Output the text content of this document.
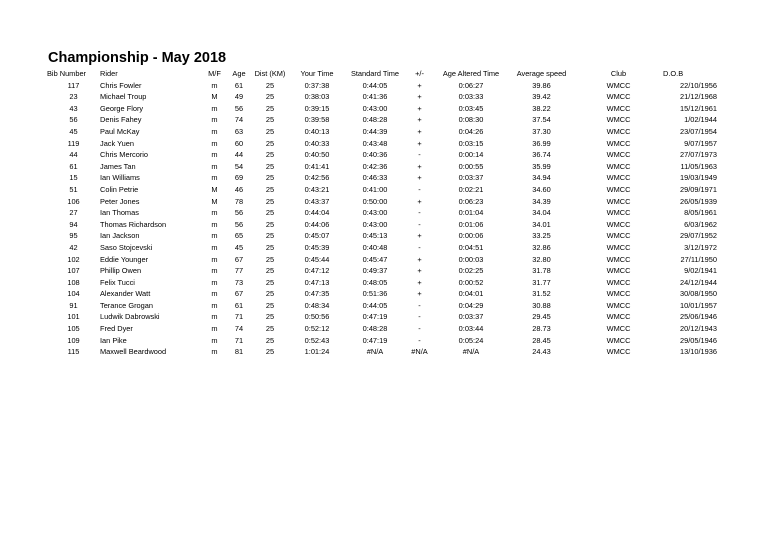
Championship - May 2018
Bib Number	Rider	M/F	Age	Dist (KM)	Your Time	Standard Time	+/-	Age Altered Time	Average speed	Club	D.O.B
117	Chris Fowler	m	61	25	0:37:38	0:44:05	+	0:06:27	39.86	WMCC	22/10/1956
23	Michael Troup	M	49	25	0:38:03	0:41:36	+	0:03:33	39.42	WMCC	21/12/1968
43	George Flory	m	56	25	0:39:15	0:43:00	+	0:03:45	38.22	WMCC	15/12/1961
56	Denis Fahey	m	74	25	0:39:58	0:48:28	+	0:08:30	37.54	WMCC	1/02/1944
45	Paul McKay	m	63	25	0:40:13	0:44:39	+	0:04:26	37.30	WMCC	23/07/1954
119	Jack Yuen	m	60	25	0:40:33	0:43:48	+	0:03:15	36.99	WMCC	9/07/1957
44	Chris Mercorio	m	44	25	0:40:50	0:40:36	-	0:00:14	36.74	WMCC	27/07/1973
61	James Tan	m	54	25	0:41:41	0:42:36	+	0:00:55	35.99	WMCC	11/05/1963
15	Ian Williams	m	69	25	0:42:56	0:46:33	+	0:03:37	34.94	WMCC	19/03/1949
51	Colin Petrie	M	46	25	0:43:21	0:41:00	-	0:02:21	34.60	WMCC	29/09/1971
106	Peter Jones	M	78	25	0:43:37	0:50:00	+	0:06:23	34.39	WMCC	26/05/1939
27	Ian Thomas	m	56	25	0:44:04	0:43:00	-	0:01:04	34.04	WMCC	8/05/1961
94	Thomas Richardson	m	56	25	0:44:06	0:43:00	-	0:01:06	34.01	WMCC	6/03/1962
95	Ian Jackson	m	65	25	0:45:07	0:45:13	+	0:00:06	33.25	WMCC	29/07/1952
42	Saso Stojcevski	m	45	25	0:45:39	0:40:48	-	0:04:51	32.86	WMCC	3/12/1972
102	Eddie Younger	m	67	25	0:45:44	0:45:47	+	0:00:03	32.80	WMCC	27/11/1950
107	Phillip Owen	m	77	25	0:47:12	0:49:37	+	0:02:25	31.78	WMCC	9/02/1941
108	Felix Tucci	m	73	25	0:47:13	0:48:05	+	0:00:52	31.77	WMCC	24/12/1944
104	Alexander Watt	m	67	25	0:47:35	0:51:36	+	0:04:01	31.52	WMCC	30/08/1950
91	Terance Grogan	m	61	25	0:48:34	0:44:05	-	0:04:29	30.88	WMCC	10/01/1957
101	Ludwik Dabrowski	m	71	25	0:50:56	0:47:19	-	0:03:37	29.45	WMCC	25/06/1946
105	Fred Dyer	m	74	25	0:52:12	0:48:28	-	0:03:44	28.73	WMCC	20/12/1943
109	Ian Pike	m	71	25	0:52:43	0:47:19	-	0:05:24	28.45	WMCC	29/05/1946
115	Maxwell Beardwood	m	81	25	1:01:24	#N/A	#N/A	#N/A	24.43	WMCC	13/10/1936
